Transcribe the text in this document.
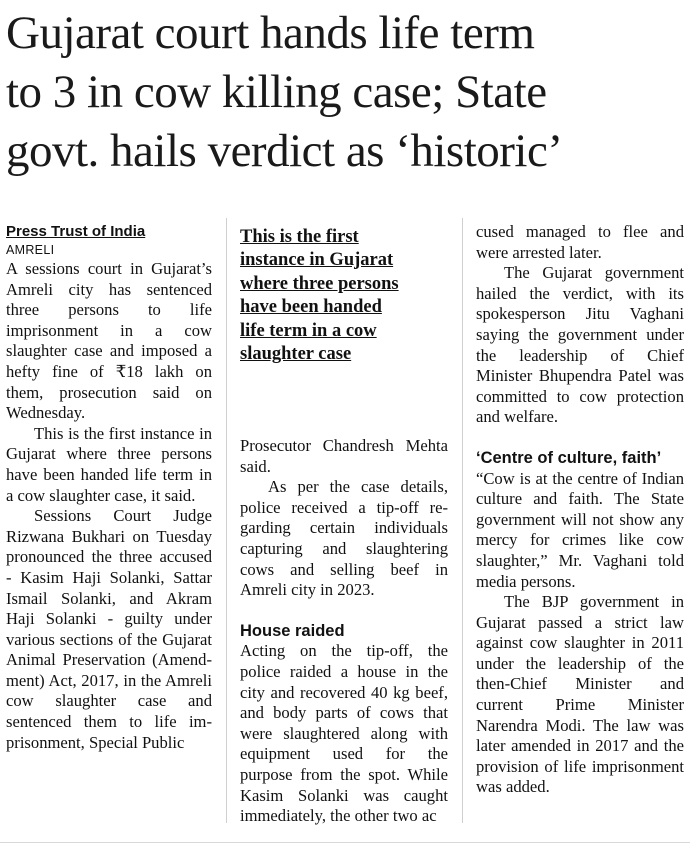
Gujarat court hands life term
to 3 in cow killing case; State
govt. hails verdict as ‘historic’

Press Trust of India

AMRELI

A sessions court in Gujarat’s Amreli city has sentenced three persons to life imprisonment in a cow slaughter case and imposed a hefty fine of ₹18 lakh on them, prosecution said on Wednesday.

This is the first instance in Gujarat where three persons have been handed life term in a cow slaughter case, it said.

Sessions Court Judge Rizwana Bukhari on Tuesday pronounced the three accused - Kasim Haji Solanki, Sattar Ismail Solanki, and Akram Haji Solanki - guilty under various sections of the Gujarat Animal Preservation (Amendment) Act, 2017, in the Amreli cow slaughter case and sentenced them to life imprisonment, Special Public

This is the first
instance in Gujarat
where three persons
have been handed
life term in a cow
slaughter case

Prosecutor Chandresh Mehta said.

As per the case details, police received a tip-off regarding certain individuals capturing and slaughtering cows and selling beef in Amreli city in 2023.

House raided

Acting on the tip-off, the police raided a house in the city and recovered 40 kg beef, and body parts of cows that were slaughtered along with equipment used for the purpose from the spot. While Kasim Solanki was caught immediately, the other two ac

cused managed to flee and were arrested later.

The Gujarat government hailed the verdict, with its spokesperson Jitu Vaghani saying the government under the leadership of Chief Minister Bhupendra Patel was committed to cow protection and welfare.

‘Centre of culture, faith’

“Cow is at the centre of Indian culture and faith. The State government will not show any mercy for crimes like cow slaughter,” Mr. Vaghani told media persons.

The BJP government in Gujarat passed a strict law against cow slaughter in 2011 under the leadership of the then-Chief Minister and current Prime Minister Narendra Modi. The law was later amended in 2017 and the provision of life imprisonment was added.
